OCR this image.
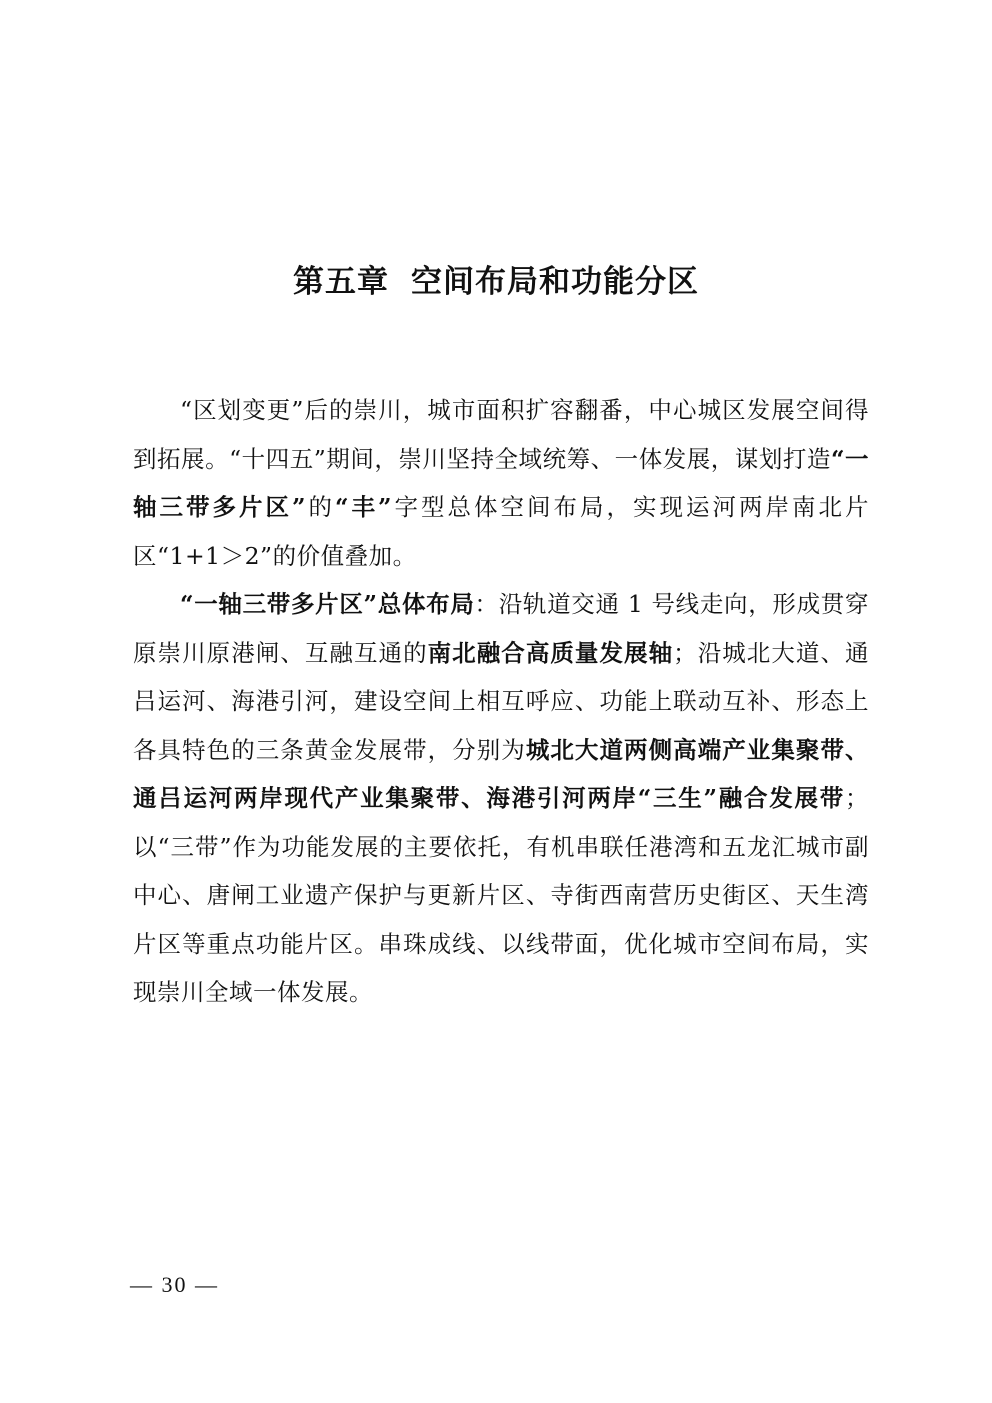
第五章 空间布局和功能分区

“区划变更”后的崇川，城市面积扩容翻番，中心城区发展空间得到拓展。“十四五”期间，崇川坚持全域统筹、一体发展，谋划打造“一轴三带多片区”的“丰”字型总体空间布局，实现运河两岸南北片区“1+1＞2”的价值叠加。

“一轴三带多片区”总体布局：沿轨道交通 1 号线走向，形成贯穿原崇川原港闸、互融互通的南北融合高质量发展轴；沿城北大道、通吕运河、海港引河，建设空间上相互呼应、功能上联动互补、形态上各具特色的三条黄金发展带，分别为城北大道两侧高端产业集聚带、通吕运河两岸现代产业集聚带、海港引河两岸“三生”融合发展带；以“三带”作为功能发展的主要依托，有机串联任港湾和五龙汇城市副中心、唐闸工业遗产保护与更新片区、寺街西南营历史街区、天生湾片区等重点功能片区。串珠成线、以线带面，优化城市空间布局，实现崇川全域一体发展。

— 30 —
